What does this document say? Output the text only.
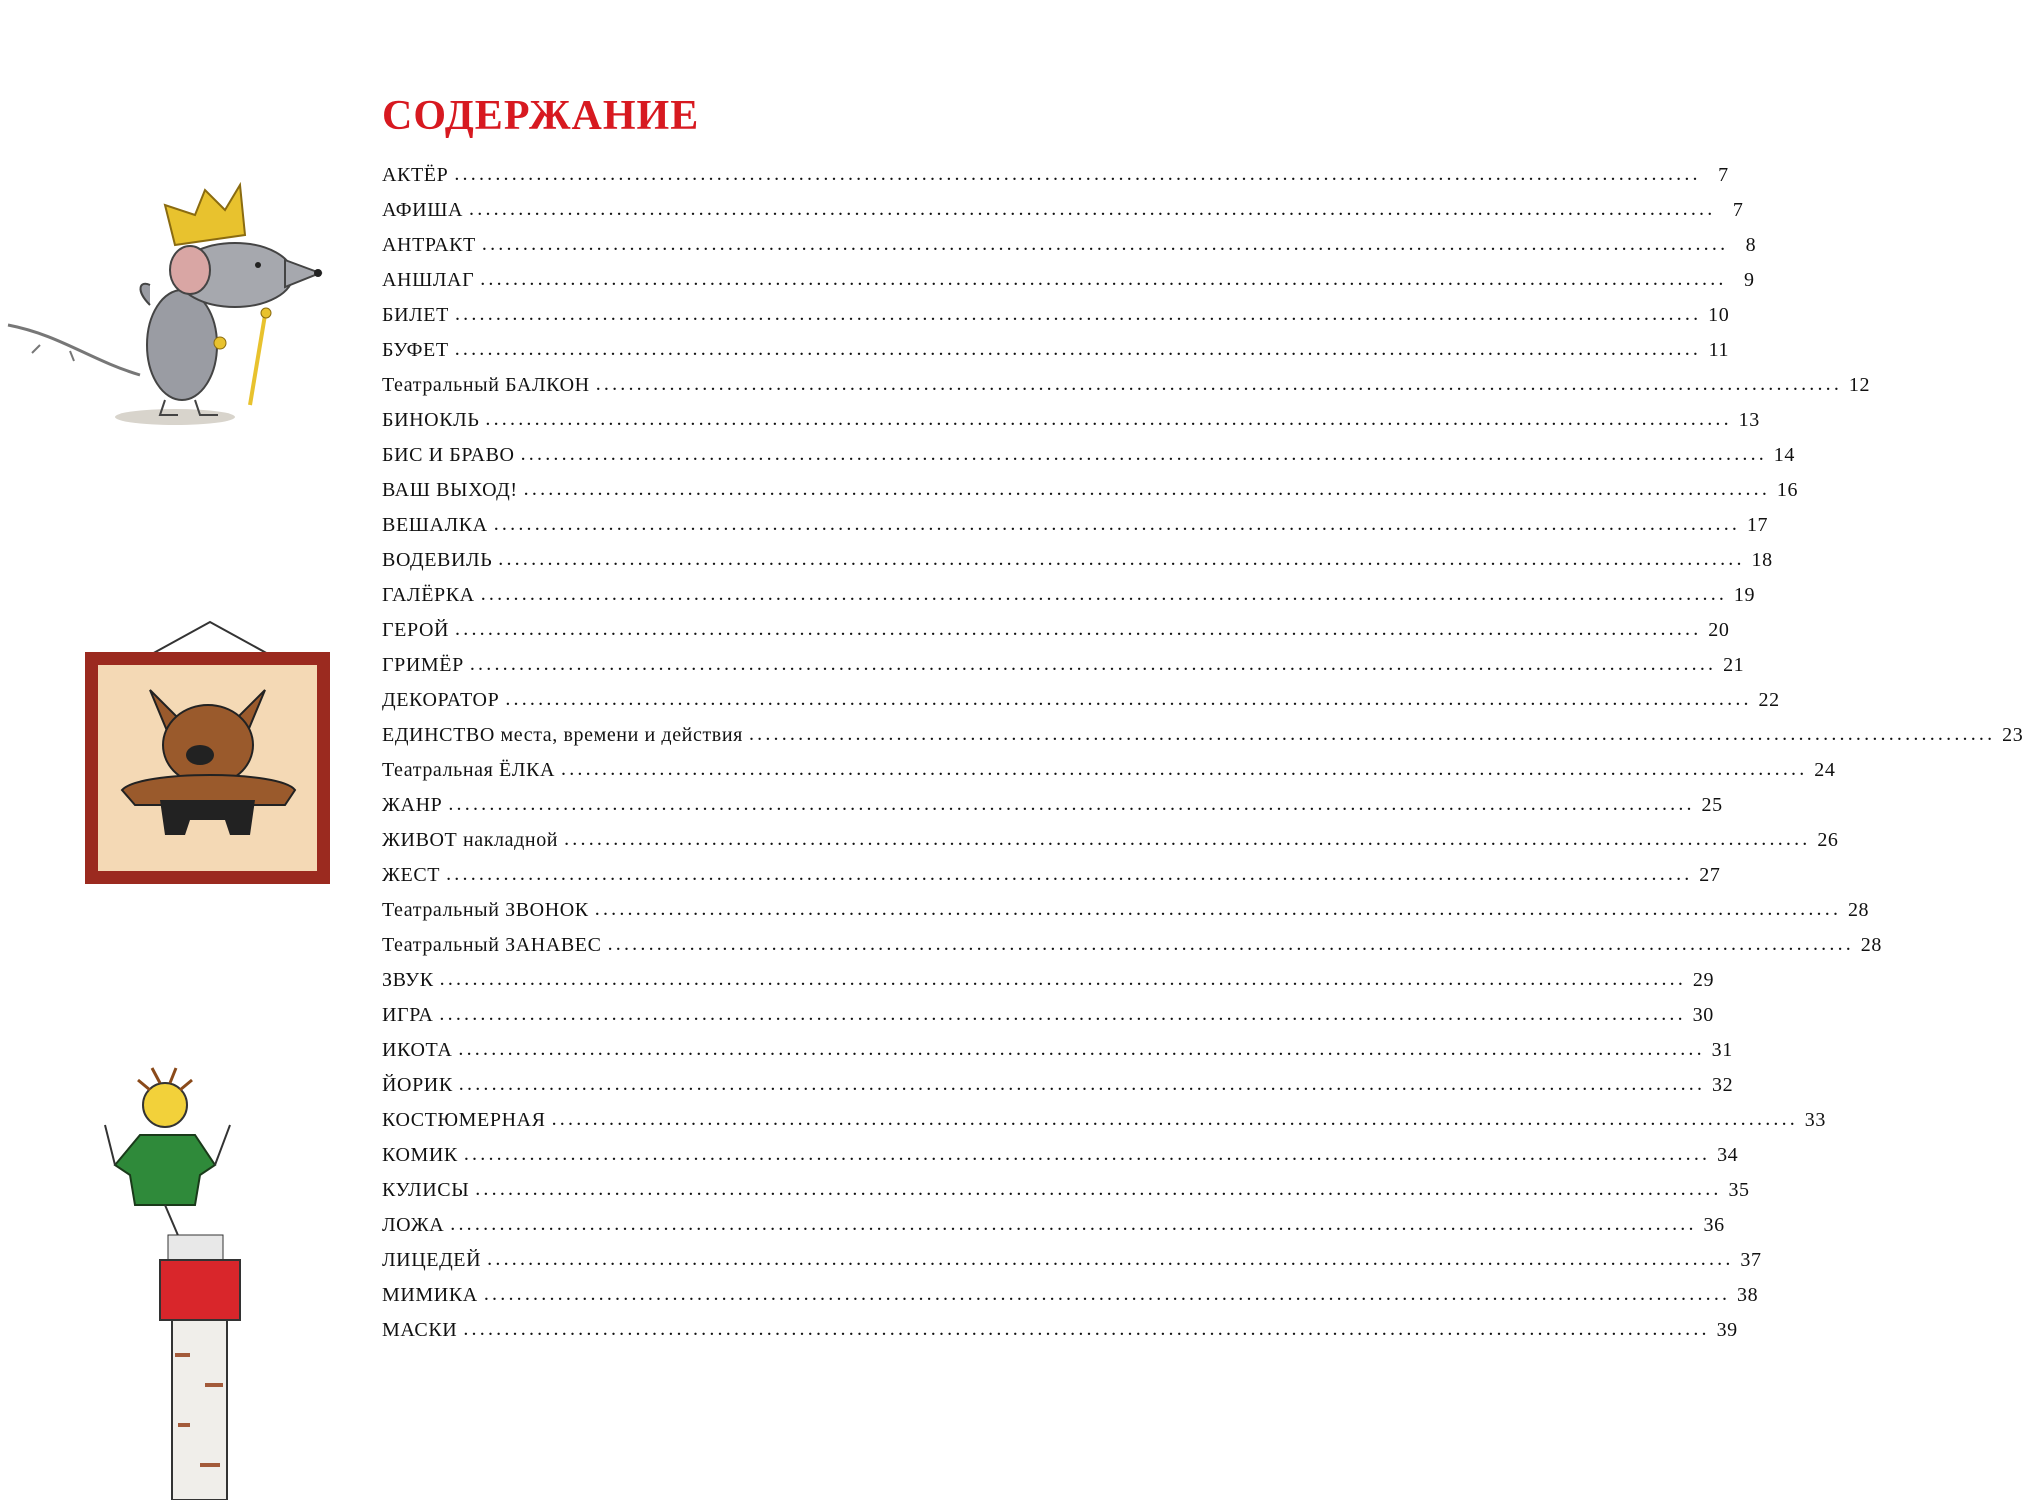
СОДЕРЖАНИЕ
АКТЁР ........................................................................................................................................................ 7
АФИША ........................................................................................................................................................ 7
АНТРАКТ ........................................................................................................................................................ 8
АНШЛАГ ........................................................................................................................................................ 9
БИЛЕТ ........................................................................................................................................................ 10
БУФЕТ ........................................................................................................................................................ 11
Театральный БАЛКОН ........................................................................................................................................................ 12
БИНОКЛЬ ........................................................................................................................................................ 13
БИС И БРАВО ........................................................................................................................................................ 14
ВАШ ВЫХОД! ........................................................................................................................................................ 16
ВЕШАЛКА ........................................................................................................................................................ 17
ВОДЕВИЛЬ ........................................................................................................................................................ 18
ГАЛЁРКА ........................................................................................................................................................ 19
ГЕРОЙ ........................................................................................................................................................ 20
ГРИМЁР ........................................................................................................................................................ 21
ДЕКОРАТОР ........................................................................................................................................................ 22
ЕДИНСТВО места, времени и действия ........................................................................................................................................................ 23
Театральная ЁЛКА ........................................................................................................................................................ 24
ЖАНР ........................................................................................................................................................ 25
ЖИВОТ накладной ........................................................................................................................................................ 26
ЖЕСТ ........................................................................................................................................................ 27
Театральный ЗВОНОК ........................................................................................................................................................ 28
Театральный ЗАНАВЕС ........................................................................................................................................................ 28
ЗВУК ........................................................................................................................................................ 29
ИГРА ........................................................................................................................................................ 30
ИКОТА ........................................................................................................................................................ 31
ЙОРИК ........................................................................................................................................................ 32
КОСТЮМЕРНАЯ ........................................................................................................................................................ 33
КОМИК ........................................................................................................................................................ 34
КУЛИСЫ ........................................................................................................................................................ 35
ЛОЖА ........................................................................................................................................................ 36
ЛИЦЕДЕЙ ........................................................................................................................................................ 37
МИМИКА ........................................................................................................................................................ 38
МАСКИ ........................................................................................................................................................ 39
